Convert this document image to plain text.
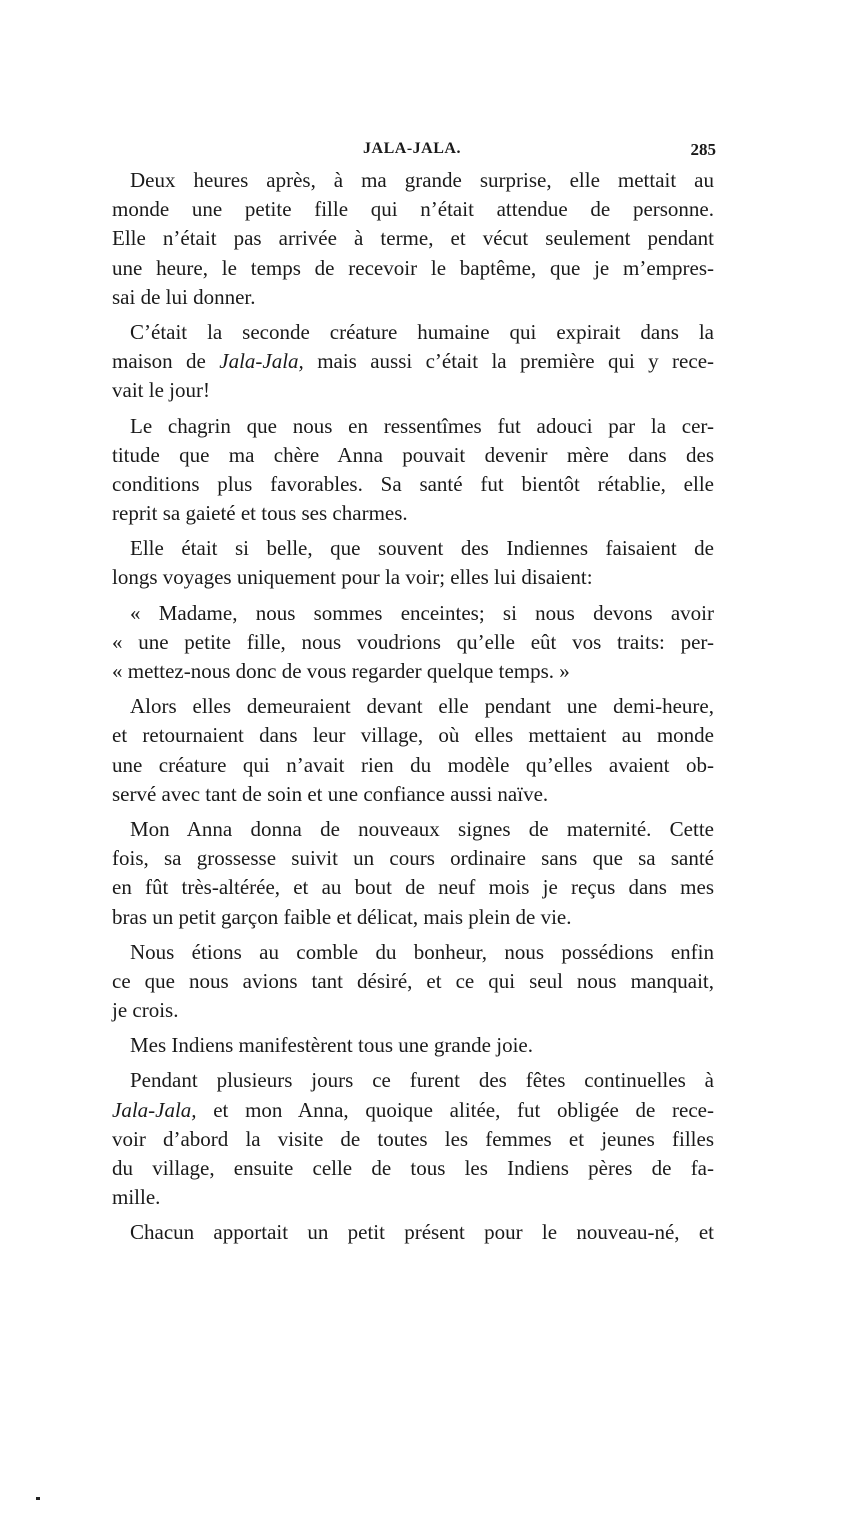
JALA-JALA.	285
Deux heures après, à ma grande surprise, elle mettait au
monde une petite fille qui n’était attendue de personne.
Elle n’était pas arrivée à terme, et vécut seulement pendant
une heure, le temps de recevoir le baptême, que je m’empres-
sai de lui donner.
C’était la seconde créature humaine qui expirait dans la
maison de Jala-Jala, mais aussi c’était la première qui y rece-
vait le jour!
Le chagrin que nous en ressentîmes fut adouci par la cer-
titude que ma chère Anna pouvait devenir mère dans des
conditions plus favorables. Sa santé fut bientôt rétablie, elle
reprit sa gaieté et tous ses charmes.
Elle était si belle, que souvent des Indiennes faisaient de
longs voyages uniquement pour la voir; elles lui disaient:
« Madame, nous sommes enceintes; si nous devons avoir
« une petite fille, nous voudrions qu’elle eût vos traits: per-
« mettez-nous donc de vous regarder quelque temps. »
Alors elles demeuraient devant elle pendant une demi-heure,
et retournaient dans leur village, où elles mettaient au monde
une créature qui n’avait rien du modèle qu’elles avaient ob-
servé avec tant de soin et une confiance aussi naïve.
Mon Anna donna de nouveaux signes de maternité. Cette
fois, sa grossesse suivit un cours ordinaire sans que sa santé
en fût très-altérée, et au bout de neuf mois je reçus dans mes
bras un petit garçon faible et délicat, mais plein de vie.
Nous étions au comble du bonheur, nous possédions enfin
ce que nous avions tant désiré, et ce qui seul nous manquait,
je crois.
Mes Indiens manifestèrent tous une grande joie.
Pendant plusieurs jours ce furent des fêtes continuelles à
Jala-Jala, et mon Anna, quoique alitée, fut obligée de rece-
voir d’abord la visite de toutes les femmes et jeunes filles
du village, ensuite celle de tous les Indiens pères de fa-
mille.
Chacun apportait un petit présent pour le nouveau-né, et
